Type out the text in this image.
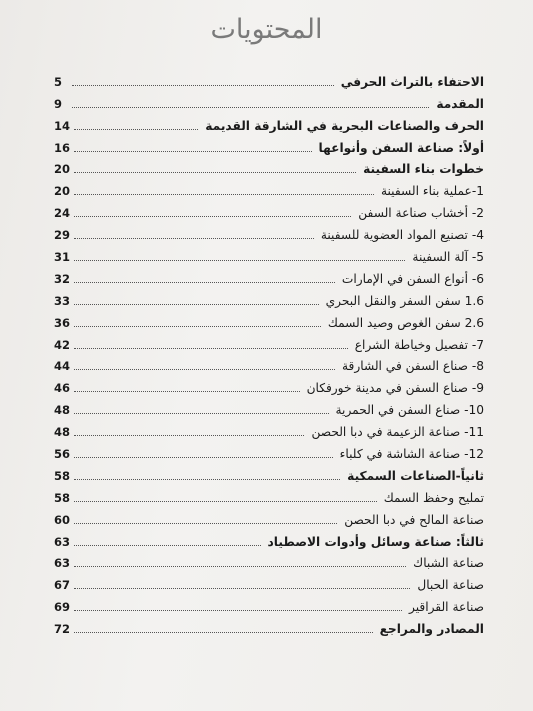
المحتويات
الاحتفاء بالتراث الحرفي
5
المقدمة
9
الحرف والصناعات البحرية في الشارقة القديمة
14
أولاً: صناعة السفن وأنواعها
16
خطوات بناء السفينة
20
1-عملية بناء السفينة
20
2- أخشاب صناعة السفن
24
4- تصنيع المواد العضوية للسفينة
29
5- آلة السفينة
31
6- أنواع السفن في الإمارات
32
1.6 سفن السفر والنقل البحري
33
2.6 سفن الغوص وصيد السمك
36
7- تفصيل وخياطة الشراع
42
8- صناع السفن في الشارقة
44
9- صناع السفن في مدينة خورفكان
46
10- صناع السفن في الحمرية
48
11- صناعة الزعيمة في دبا الحصن
48
12- صناعة الشاشة في كلباء
56
ثانياً-الصناعات السمكية
58
تمليح وحفظ السمك
58
صناعة المالح في دبا الحصن
60
ثالثاً: صناعة وسائل وأدوات الاصطياد
63
صناعة الشباك
63
صناعة الحبال
67
صناعة القراقير
69
المصادر والمراجع
72
